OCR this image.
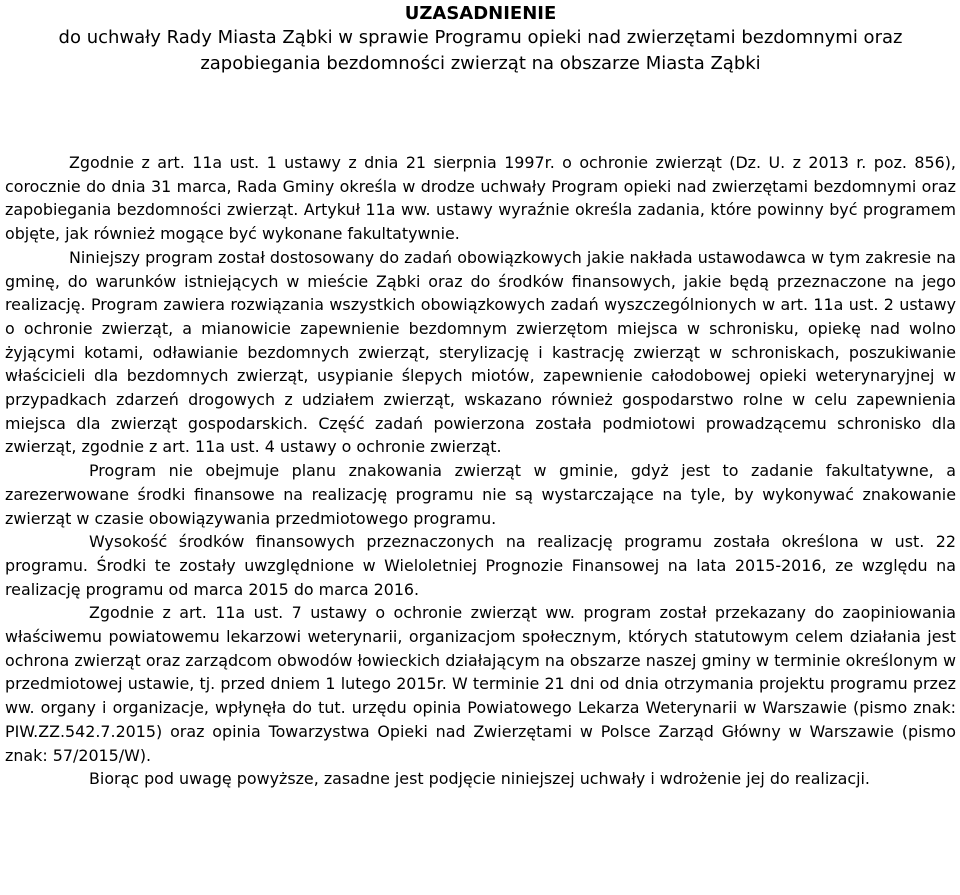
UZASADNIENIE
do uchwały Rady Miasta Ząbki w sprawie Programu opieki nad zwierzętami bezdomnymi oraz zapobiegania bezdomności zwierząt na obszarze Miasta Ząbki

Zgodnie z art. 11a ust. 1 ustawy z dnia 21 sierpnia 1997r. o ochronie zwierząt (Dz. U. z 2013 r. poz. 856), corocznie do dnia 31 marca, Rada Gminy określa w drodze uchwały Program opieki nad zwierzętami bezdomnymi oraz zapobiegania bezdomności zwierząt. Artykuł 11a ww. ustawy wyraźnie określa zadania, które powinny być programem objęte, jak również mogące być wykonane fakultatywnie.

Niniejszy program został dostosowany do zadań obowiązkowych jakie nakłada ustawodawca w tym zakresie na gminę, do warunków istniejących w mieście Ząbki oraz do środków finansowych, jakie będą przeznaczone na jego realizację. Program zawiera rozwiązania wszystkich obowiązkowych zadań wyszczególnionych w art. 11a ust. 2 ustawy o ochronie zwierząt, a mianowicie zapewnienie bezdomnym zwierzętom miejsca w schronisku, opiekę nad wolno żyjącymi kotami, odławianie bezdomnych zwierząt, sterylizację i kastrację zwierząt w schroniskach, poszukiwanie właścicieli dla bezdomnych zwierząt, usypianie ślepych miotów, zapewnienie całodobowej opieki weterynaryjnej w przypadkach zdarzeń drogowych z udziałem zwierząt, wskazano również gospodarstwo rolne w celu zapewnienia miejsca dla zwierząt gospodarskich. Część zadań powierzona została podmiotowi prowadzącemu schronisko dla zwierząt, zgodnie z art. 11a ust. 4 ustawy o ochronie zwierząt.

Program nie obejmuje planu znakowania zwierząt w gminie, gdyż jest to zadanie fakultatywne, a zarezerwowane środki finansowe na realizację programu nie są wystarczające na tyle, by wykonywać znakowanie zwierząt w czasie obowiązywania przedmiotowego programu.

Wysokość środków finansowych przeznaczonych na realizację programu została określona w ust. 22 programu. Środki te zostały uwzględnione w Wieloletniej Prognozie Finansowej na lata 2015-2016, ze względu na realizację programu od marca 2015 do marca 2016.

Zgodnie z art. 11a ust. 7 ustawy o ochronie zwierząt ww. program został przekazany do zaopiniowania właściwemu powiatowemu lekarzowi weterynarii, organizacjom społecznym, których statutowym celem działania jest ochrona zwierząt oraz zarządcom obwodów łowieckich działającym na obszarze naszej gminy w terminie określonym w przedmiotowej ustawie, tj. przed dniem 1 lutego 2015r. W terminie 21 dni od dnia otrzymania projektu programu przez ww. organy i organizacje, wpłynęła do tut. urzędu opinia Powiatowego Lekarza Weterynarii w Warszawie (pismo znak: PIW.ZZ.542.7.2015) oraz opinia Towarzystwa Opieki nad Zwierzętami w Polsce Zarząd Główny w Warszawie (pismo znak: 57/2015/W).

Biorąc pod uwagę powyższe, zasadne jest podjęcie niniejszej uchwały i wdrożenie jej do realizacji.
